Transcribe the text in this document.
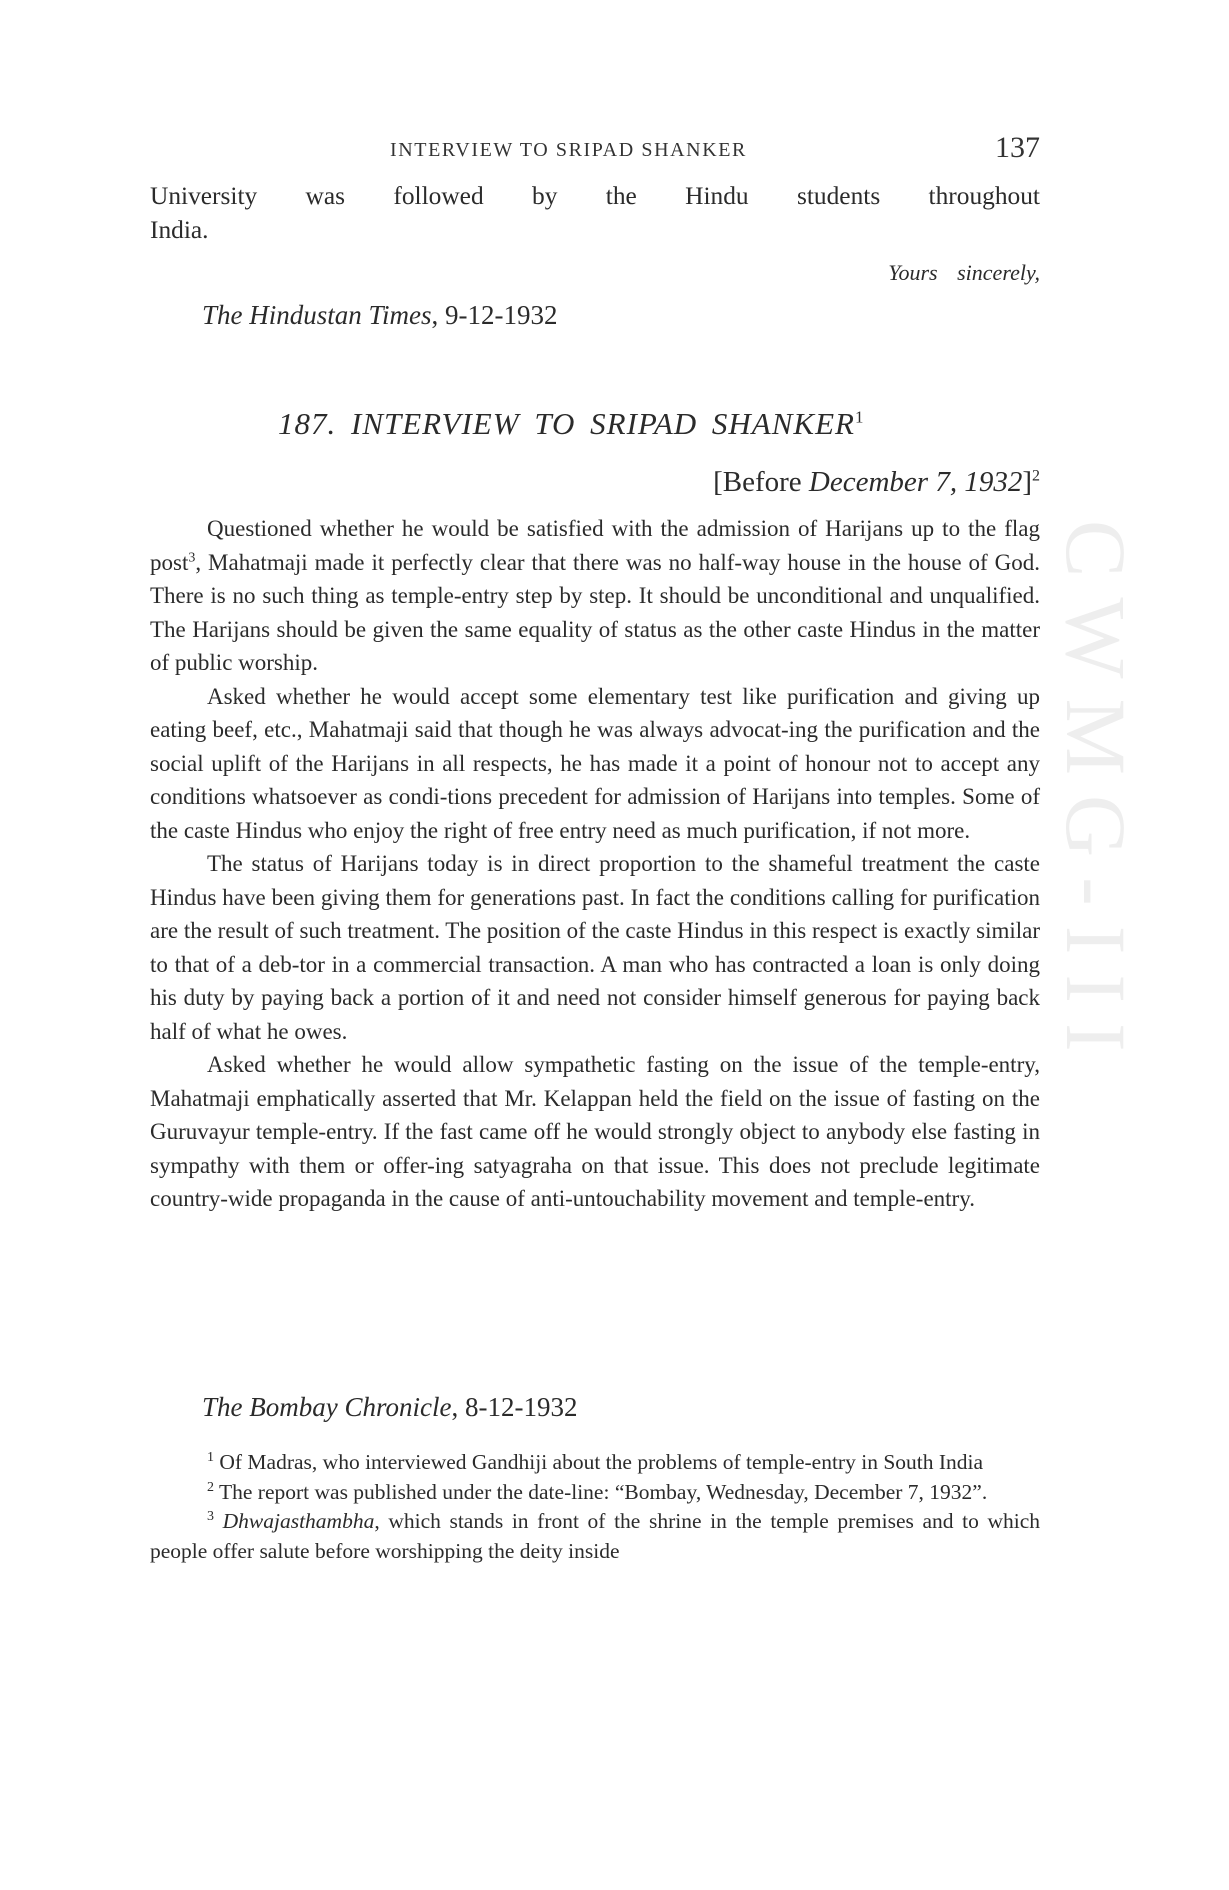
INTERVIEW TO SRIPAD SHANKER	137
University was followed by the Hindu students throughout
India.
Yours sincerely,
The Hindustan Times, 9-12-1932
187. INTERVIEW TO SRIPAD SHANKER$^1$
[Before December 7, 1932]$^2$

Questioned whether he would be satisfied with the admission of Harijans up to the flag post$^3$, Mahatmaji made it perfectly clear that there was no half-way house in the house of God. There is no such thing as temple-entry step by step. It should be unconditional and unqualified. The Harijans should be given the same equality of status as the other caste Hindus in the matter of public worship.

Asked whether he would accept some elementary test like purification and giving up eating beef, etc., Mahatmaji said that though he was always advocat-ing the purification and the social uplift of the Harijans in all respects, he has made it a point of honour not to accept any conditions whatsoever as condi-tions precedent for admission of Harijans into temples. Some of the caste Hindus who enjoy the right of free entry need as much purification, if not more.

The status of Harijans today is in direct proportion to the shameful treatment the caste Hindus have been giving them for generations past. In fact the conditions calling for purification are the result of such treatment. The position of the caste Hindus in this respect is exactly similar to that of a deb-tor in a commercial transaction. A man who has contracted a loan is only doing his duty by paying back a portion of it and need not consider himself generous for paying back half of what he owes.

Asked whether he would allow sympathetic fasting on the issue of the temple-entry, Mahatmaji emphatically asserted that Mr. Kelappan held the field on the issue of fasting on the Guruvayur temple-entry. If the fast came off he would strongly object to anybody else fasting in sympathy with them or offer-ing satyagraha on that issue. This does not preclude legitimate country-wide propaganda in the cause of anti-untouchability movement and temple-entry.

The Bombay Chronicle, 8-12-1932

$^1$ Of Madras, who interviewed Gandhiji about the problems of temple-entry in South India

$^2$ The report was published under the date-line: “Bombay, Wednesday, December 7, 1932”.

$^3$ Dhwajasthambha, which stands in front of the shrine in the temple premises and to which people offer salute before worshipping the deity inside

CWMG-III
